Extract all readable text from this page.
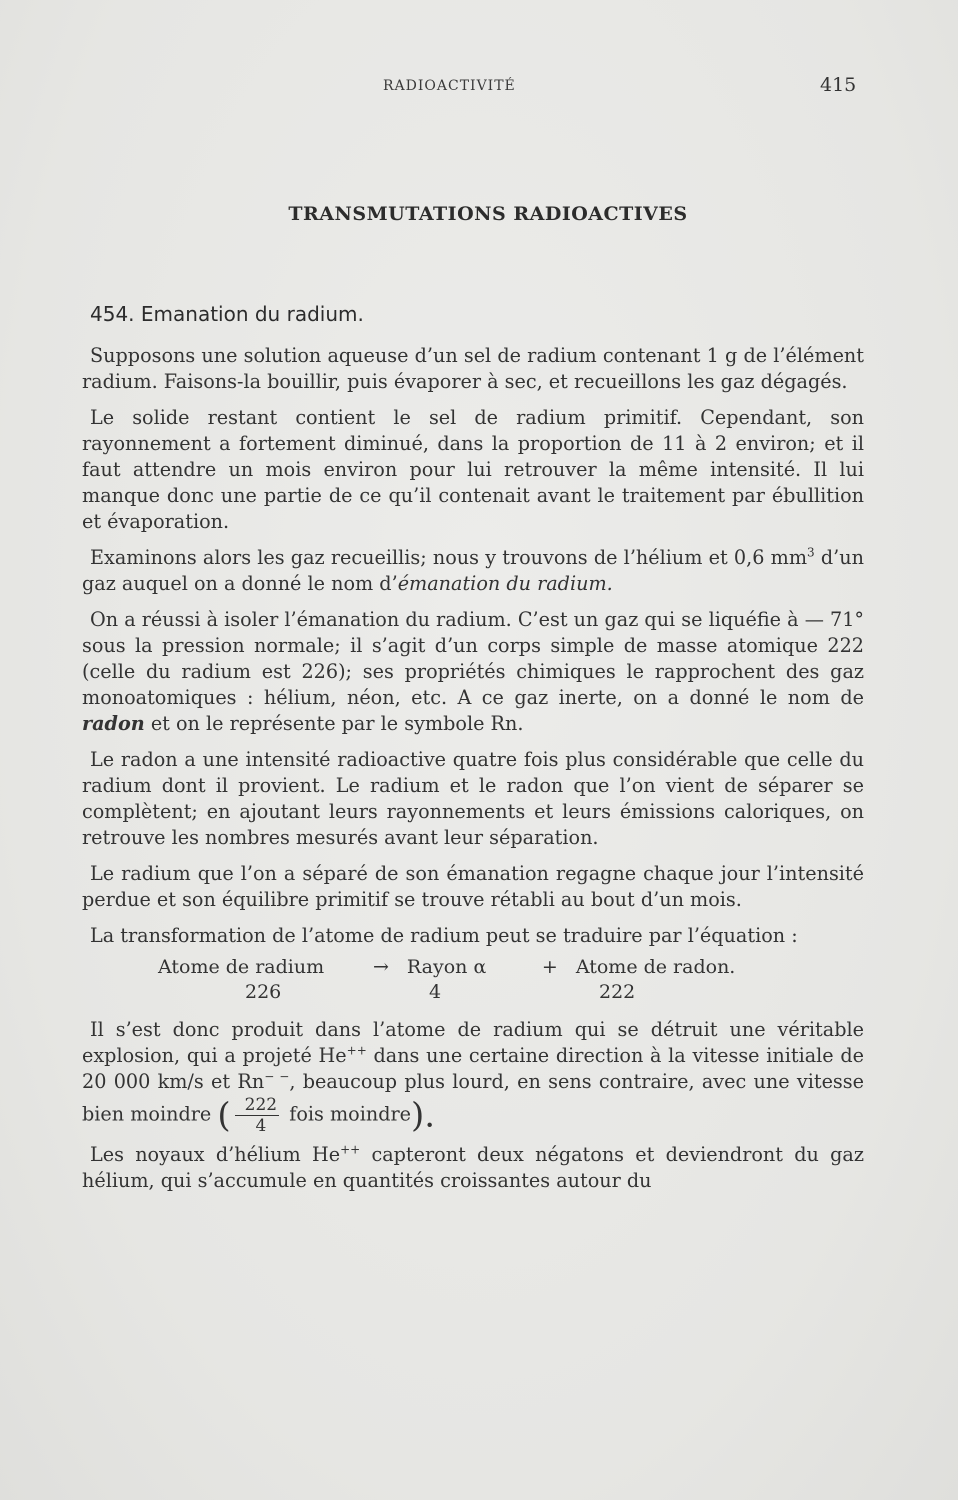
RADIOACTIVITÉ	415
TRANSMUTATIONS RADIOACTIVES
454. Emanation du radium.

Supposons une solution aqueuse d’un sel de radium contenant 1 g de l’élément radium. Faisons-la bouillir, puis évaporer à sec, et recueillons les gaz dégagés.

Le solide restant contient le sel de radium primitif. Cependant, son rayonnement a fortement diminué, dans la proportion de 11 à 2 environ; et il faut attendre un mois environ pour lui retrouver la même intensité. Il lui manque donc une partie de ce qu’il contenait avant le traitement par ébullition et évaporation.

Examinons alors les gaz recueillis; nous y trouvons de l’hélium et 0,6 $mm^3$ d’un gaz auquel on a donné le nom d’émanation du radium.

On a réussi à isoler l’émanation du radium. C’est un gaz qui se liquéfie à — 71° sous la pression normale; il s’agit d’un corps simple de masse atomique 222 (celle du radium est 226); ses propriétés chimiques le rapprochent des gaz monoatomiques : hélium, néon, etc. A ce gaz inerte, on a donné le nom de radon et on le représente par le symbole Rn.

Le radon a une intensité radioactive quatre fois plus considérable que celle du radium dont il provient. Le radium et le radon que l’on vient de séparer se complètent; en ajoutant leurs rayonnements et leurs émissions caloriques, on retrouve les nombres mesurés avant leur séparation.

Le radium que l’on a séparé de son émanation regagne chaque jour l’intensité perdue et son équilibre primitif se trouve rétabli au bout d’un mois.

La transformation de l’atome de radium peut se traduire par l’équation :

Atome de radium	→ Rayon α	+ Atome de radon.
226	4	222

Il s’est donc produit dans l’atome de radium qui se détruit une véritable explosion, qui a projeté He++ dans une certaine direction à la vitesse initiale de 20 000 km/s et Rn− −, beaucoup plus lourd, en sens contraire, avec une vitesse bien moindre ( $\frac{222}{4}$ fois moindre).

Les noyaux d’hélium He++ capteront deux négatons et deviendront du gaz hélium, qui s’accumule en quantités croissantes autour du
